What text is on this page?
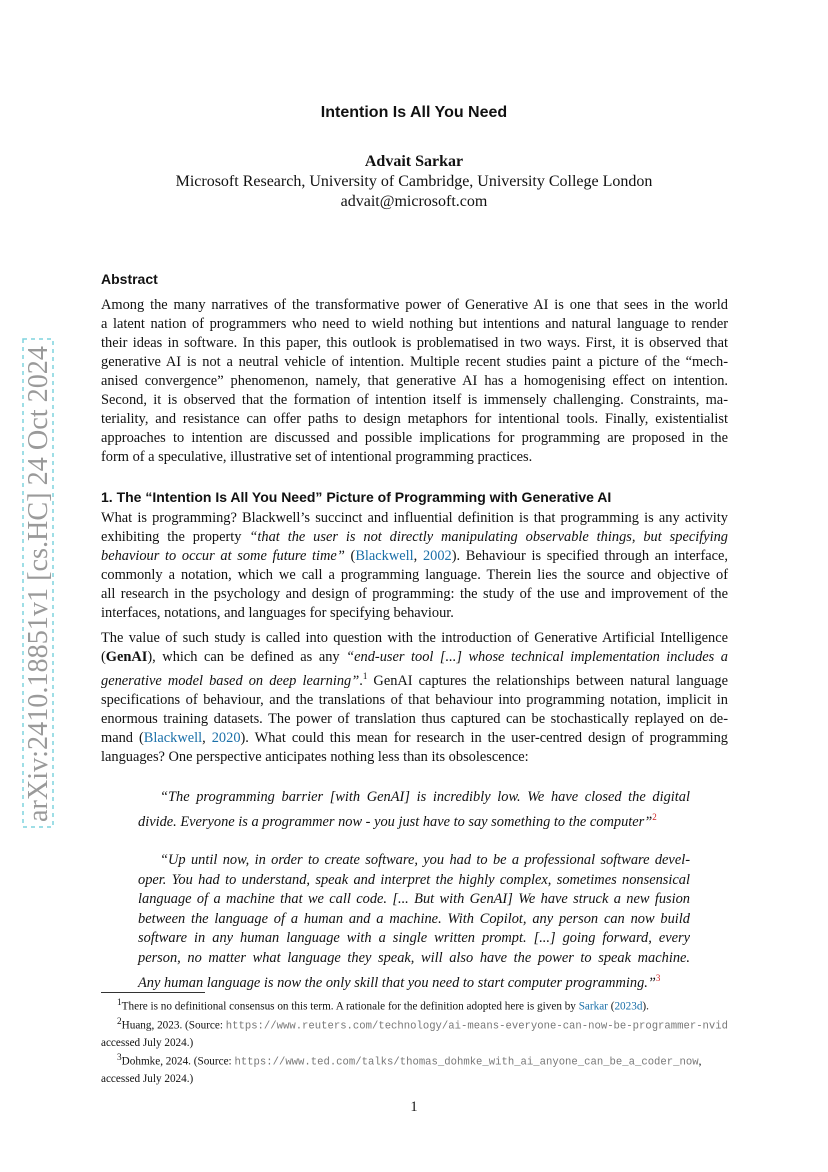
arXiv:2410.18851v1 [cs.HC] 24 Oct 2024
Intention Is All You Need
Advait Sarkar
Microsoft Research, University of Cambridge, University College London
advait@microsoft.com
Abstract
Among the many narratives of the transformative power of Generative AI is one that sees in the world
a latent nation of programmers who need to wield nothing but intentions and natural language to render
their ideas in software. In this paper, this outlook is problematised in two ways. First, it is observed that
generative AI is not a neutral vehicle of intention. Multiple recent studies paint a picture of the “mech-
anised convergence” phenomenon, namely, that generative AI has a homogenising effect on intention.
Second, it is observed that the formation of intention itself is immensely challenging. Constraints, ma-
teriality, and resistance can offer paths to design metaphors for intentional tools. Finally, existentialist
approaches to intention are discussed and possible implications for programming are proposed in the
form of a speculative, illustrative set of intentional programming practices.
1. The “Intention Is All You Need” Picture of Programming with Generative AI
What is programming? Blackwell’s succinct and influential definition is that programming is any activity
exhibiting the property “that the user is not directly manipulating observable things, but specifying
behaviour to occur at some future time” (Blackwell, 2002). Behaviour is specified through an interface,
commonly a notation, which we call a programming language. Therein lies the source and objective of
all research in the psychology and design of programming: the study of the use and improvement of the
interfaces, notations, and languages for specifying behaviour.
The value of such study is called into question with the introduction of Generative Artificial Intelligence
(GenAI), which can be defined as any “end-user tool [...] whose technical implementation includes a
generative model based on deep learning”.$^1$ GenAI captures the relationships between natural language
specifications of behaviour, and the translations of that behaviour into programming notation, implicit in
enormous training datasets. The power of translation thus captured can be stochastically replayed on de-
mand (Blackwell, 2020). What could this mean for research in the user-centred design of programming
languages? One perspective anticipates nothing less than its obsolescence:
“The programming barrier [with GenAI] is incredibly low. We have closed the digital
divide. Everyone is a programmer now - you just have to say something to the computer”$^2$
“Up until now, in order to create software, you had to be a professional software devel-
oper. You had to understand, speak and interpret the highly complex, sometimes nonsensical
language of a machine that we call code. [... But with GenAI] We have struck a new fusion
between the language of a human and a machine. With Copilot, any person can now build
software in any human language with a single written prompt. [...] going forward, every
person, no matter what language they speak, will also have the power to speak machine.
Any human language is now the only skill that you need to start computer programming.”$^3$
$^1$There is no definitional consensus on this term. A rationale for the definition adopted here is given by Sarkar (2023d).
$^2$Huang, 2023. (Source: https://www.reuters.com/technology/ai-means-everyone-can-now-be-programmer-nvid
accessed July 2024.)
$^3$Dohmke, 2024. (Source: https://www.ted.com/talks/thomas_dohmke_with_ai_anyone_can_be_a_coder_now,
accessed July 2024.)
1
